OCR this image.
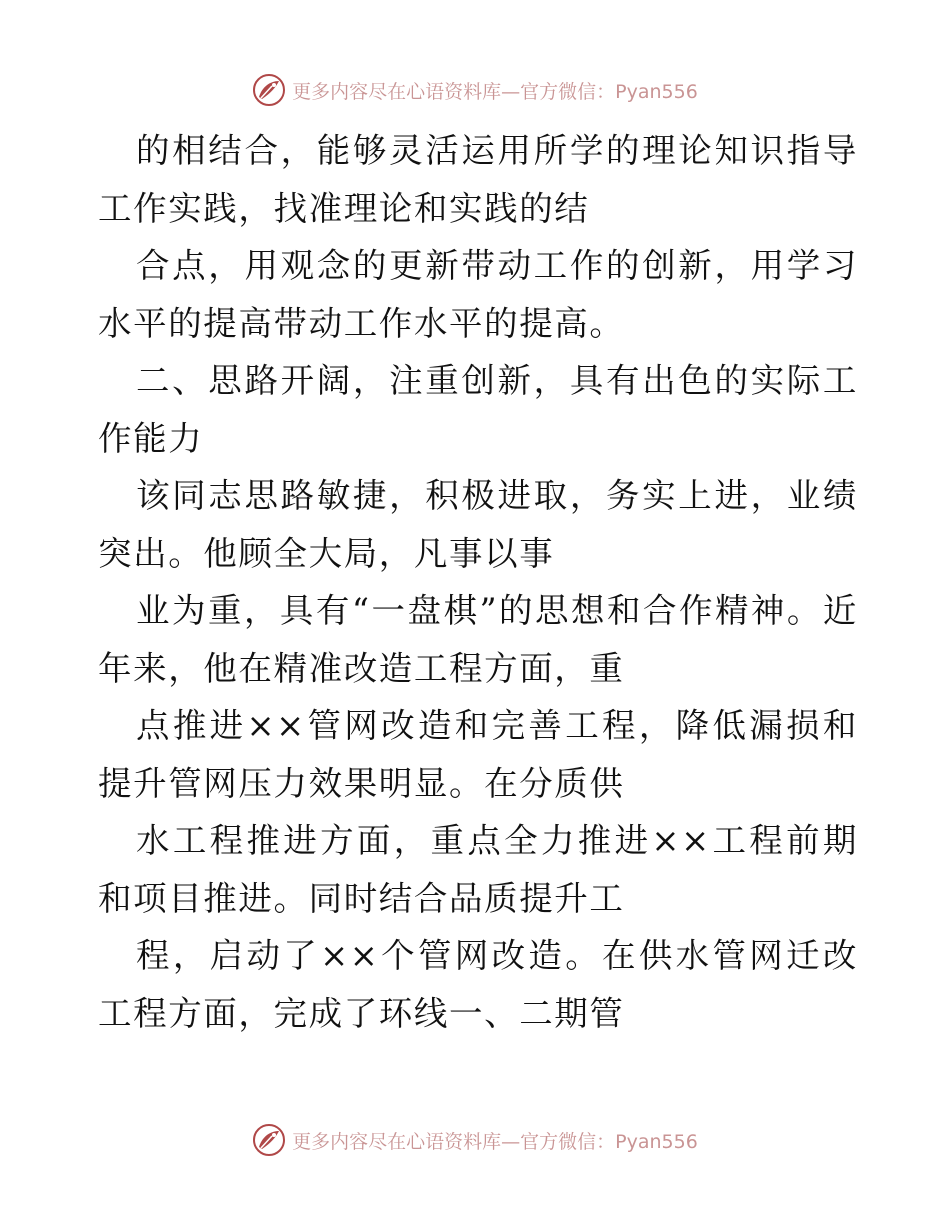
更多内容尽在心语资料库—官方微信：Pyan556

的相结合，能够灵活运用所学的理论知识指导工作实践，找准理论和实践的结

合点，用观念的更新带动工作的创新，用学习水平的提高带动工作水平的提高。

二、思路开阔，注重创新，具有出色的实际工作能力

该同志思路敏捷，积极进取，务实上进，业绩突出。他顾全大局，凡事以事

业为重，具有“一盘棋”的思想和合作精神。近年来，他在精准改造工程方面，重

点推进××管网改造和完善工程，降低漏损和提升管网压力效果明显。在分质供

水工程推进方面，重点全力推进××工程前期和项目推进。同时结合品质提升工

程，启动了××个管网改造。在供水管网迁改工程方面，完成了环线一、二期管

更多内容尽在心语资料库—官方微信：Pyan556
